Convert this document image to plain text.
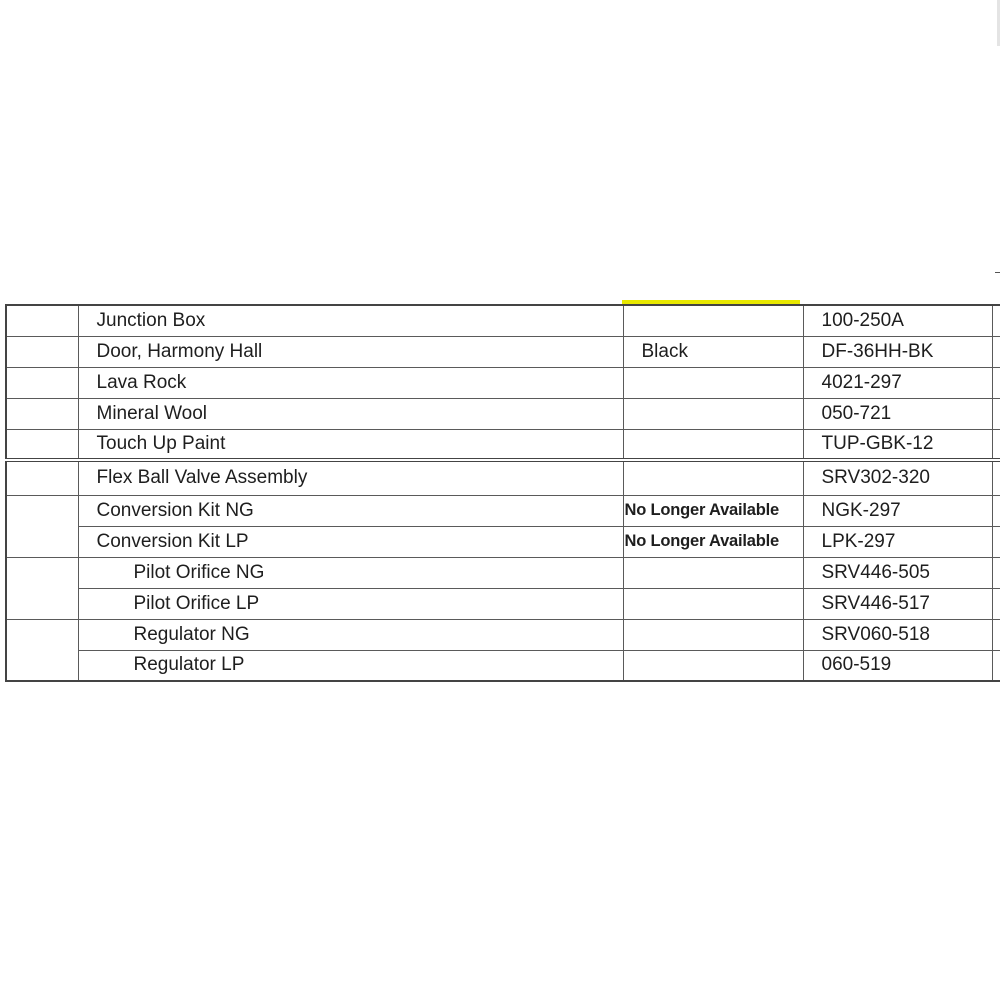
	Junction Box		100-250A	
	Door, Harmony Hall	Black	DF-36HH-BK	
	Lava Rock		4021-297	
	Mineral Wool		050-721	
	Touch Up Paint		TUP-GBK-12	
	Flex Ball Valve Assembly		SRV302-320	
	Conversion Kit NG	No Longer Available	NGK-297	
	Conversion Kit LP	No Longer Available	LPK-297	
	Pilot Orifice NG		SRV446-505	
	Pilot Orifice LP		SRV446-517	
	Regulator NG		SRV060-518	
	Regulator LP		060-519	
